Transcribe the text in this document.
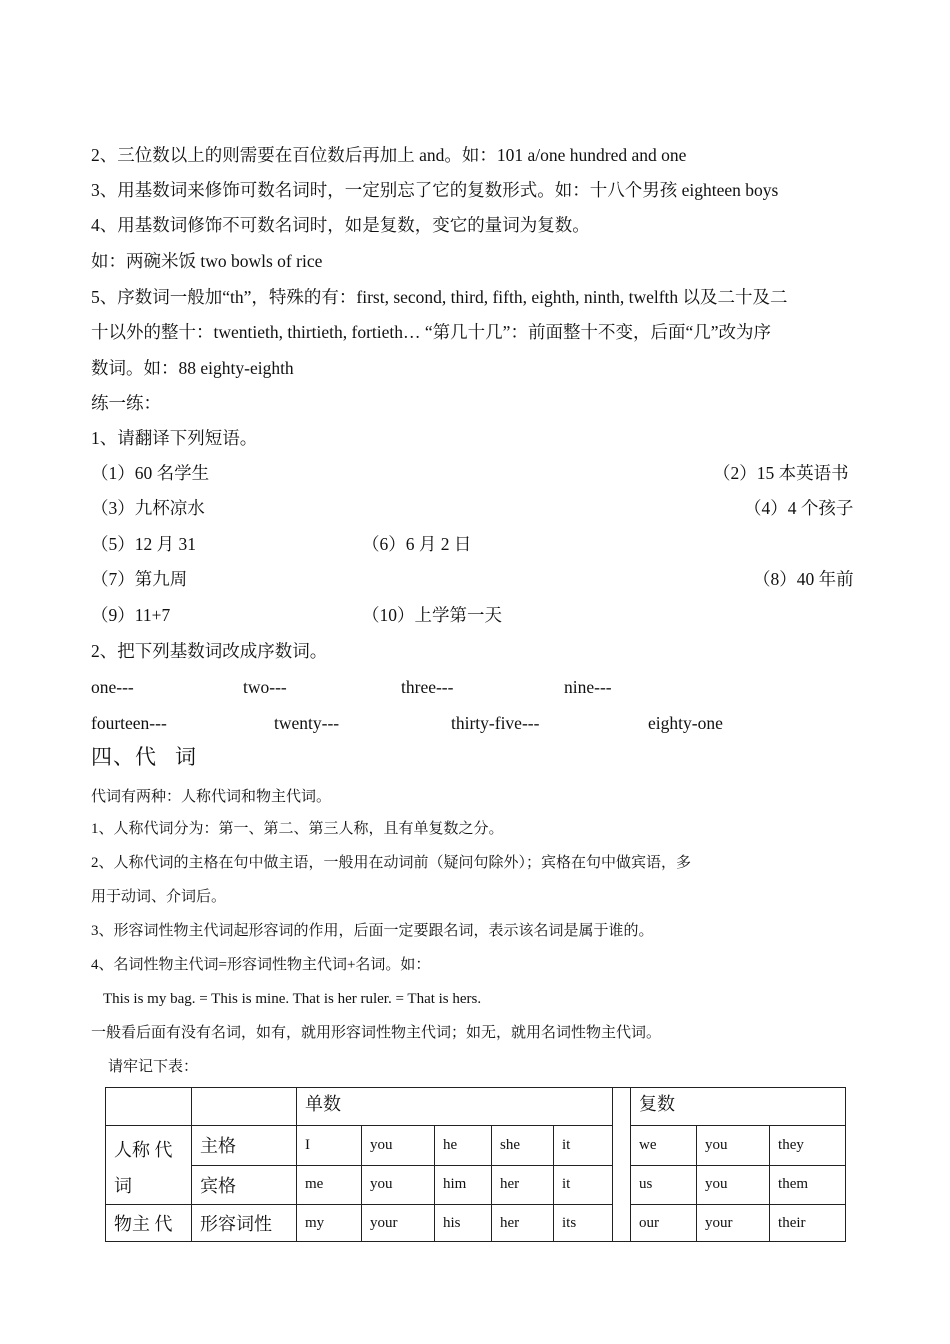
2、三位数以上的则需要在百位数后再加上 and。如：101 a/one hundred and one
3、用基数词来修饰可数名词时，一定别忘了它的复数形式。如：十八个男孩 eighteen boys
4、用基数词修饰不可数名词时，如是复数，变它的量词为复数。
如：两碗米饭 two bowls of rice
5、序数词一般加“th”，特殊的有：first, second, third, fifth, eighth, ninth, twelfth 以及二十及二
十以外的整十：twentieth, thirtieth, fortieth… “第几十几”：前面整十不变，后面“几”改为序
数词。如：88 eighty-eighth
练一练：
1、请翻译下列短语。
（1）60 名学生	（2）15 本英语书
（3）九杯凉水	（4）4 个孩子
（5）12 月 31	（6）6 月 2 日
（7）第九周	（8）40 年前
（9）11+7	（10）上学第一天
2、把下列基数词改成序数词。
one---	two---	three---	nine---
fourteen---	twenty---	thirty-five---	eighty-one
四、代 词
代词有两种：人称代词和物主代词。
1、人称代词分为：第一、第二、第三人称，且有单复数之分。
2、人称代词的主格在句中做主语，一般用在动词前（疑问句除外）；宾格在句中做宾语，多
用于动词、介词后。
3、形容词性物主代词起形容词的作用，后面一定要跟名词，表示该名词是属于谁的。
4、名词性物主代词=形容词性物主代词+名词。如：
This is my bag. = This is mine. That is her ruler. = That is hers.
一般看后面有没有名词，如有，就用形容词性物主代词；如无，就用名词性物主代词。
请牢记下表：
		单数						复数		
人称 代
词	主格	I	you	he	she	it		we	you	they
	宾格	me	you	him	her	it		us	you	them
物主 代	形容词性	my	your	his	her	its		our	your	their
